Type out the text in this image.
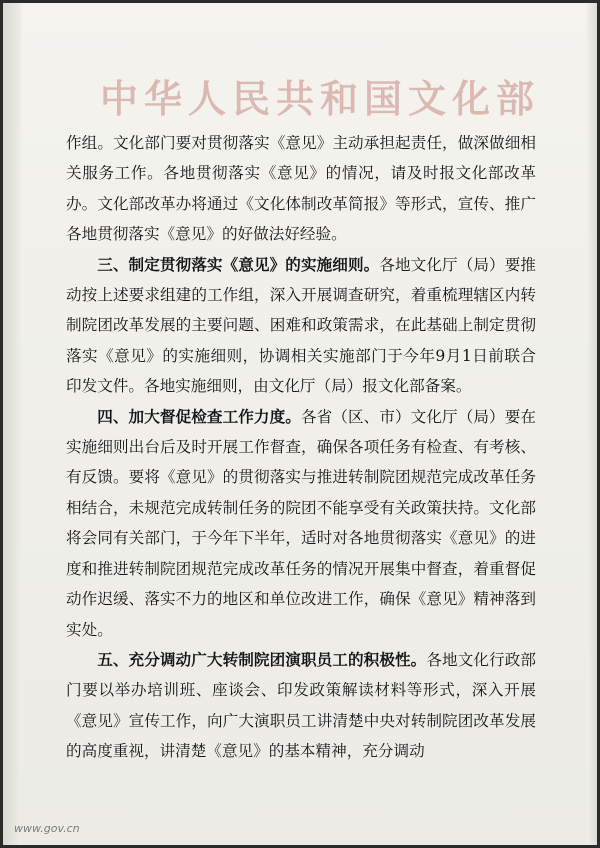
中华人民共和国文化部

作组。文化部门要对贯彻落实《意见》主动承担起责任，做深做细相关服务工作。各地贯彻落实《意见》的情况，请及时报文化部改革办。文化部改革办将通过《文化体制改革简报》等形式，宣传、推广各地贯彻落实《意见》的好做法好经验。

三、制定贯彻落实《意见》的实施细则。各地文化厅（局）要推动按上述要求组建的工作组，深入开展调查研究，着重梳理辖区内转制院团改革发展的主要问题、困难和政策需求，在此基础上制定贯彻落实《意见》的实施细则，协调相关实施部门于今年9月1日前联合印发文件。各地实施细则，由文化厅（局）报文化部备案。

四、加大督促检查工作力度。各省（区、市）文化厅（局）要在实施细则出台后及时开展工作督查，确保各项任务有检查、有考核、有反馈。要将《意见》的贯彻落实与推进转制院团规范完成改革任务相结合，未规范完成转制任务的院团不能享受有关政策扶持。文化部将会同有关部门，于今年下半年，适时对各地贯彻落实《意见》的进度和推进转制院团规范完成改革任务的情况开展集中督查，着重督促动作迟缓、落实不力的地区和单位改进工作，确保《意见》精神落到实处。

五、充分调动广大转制院团演职员工的积极性。各地文化行政部门要以举办培训班、座谈会、印发政策解读材料等形式，深入开展《意见》宣传工作，向广大演职员工讲清楚中央对转制院团改革发展的高度重视，讲清楚《意见》的基本精神，充分调动

www.gov.cn
